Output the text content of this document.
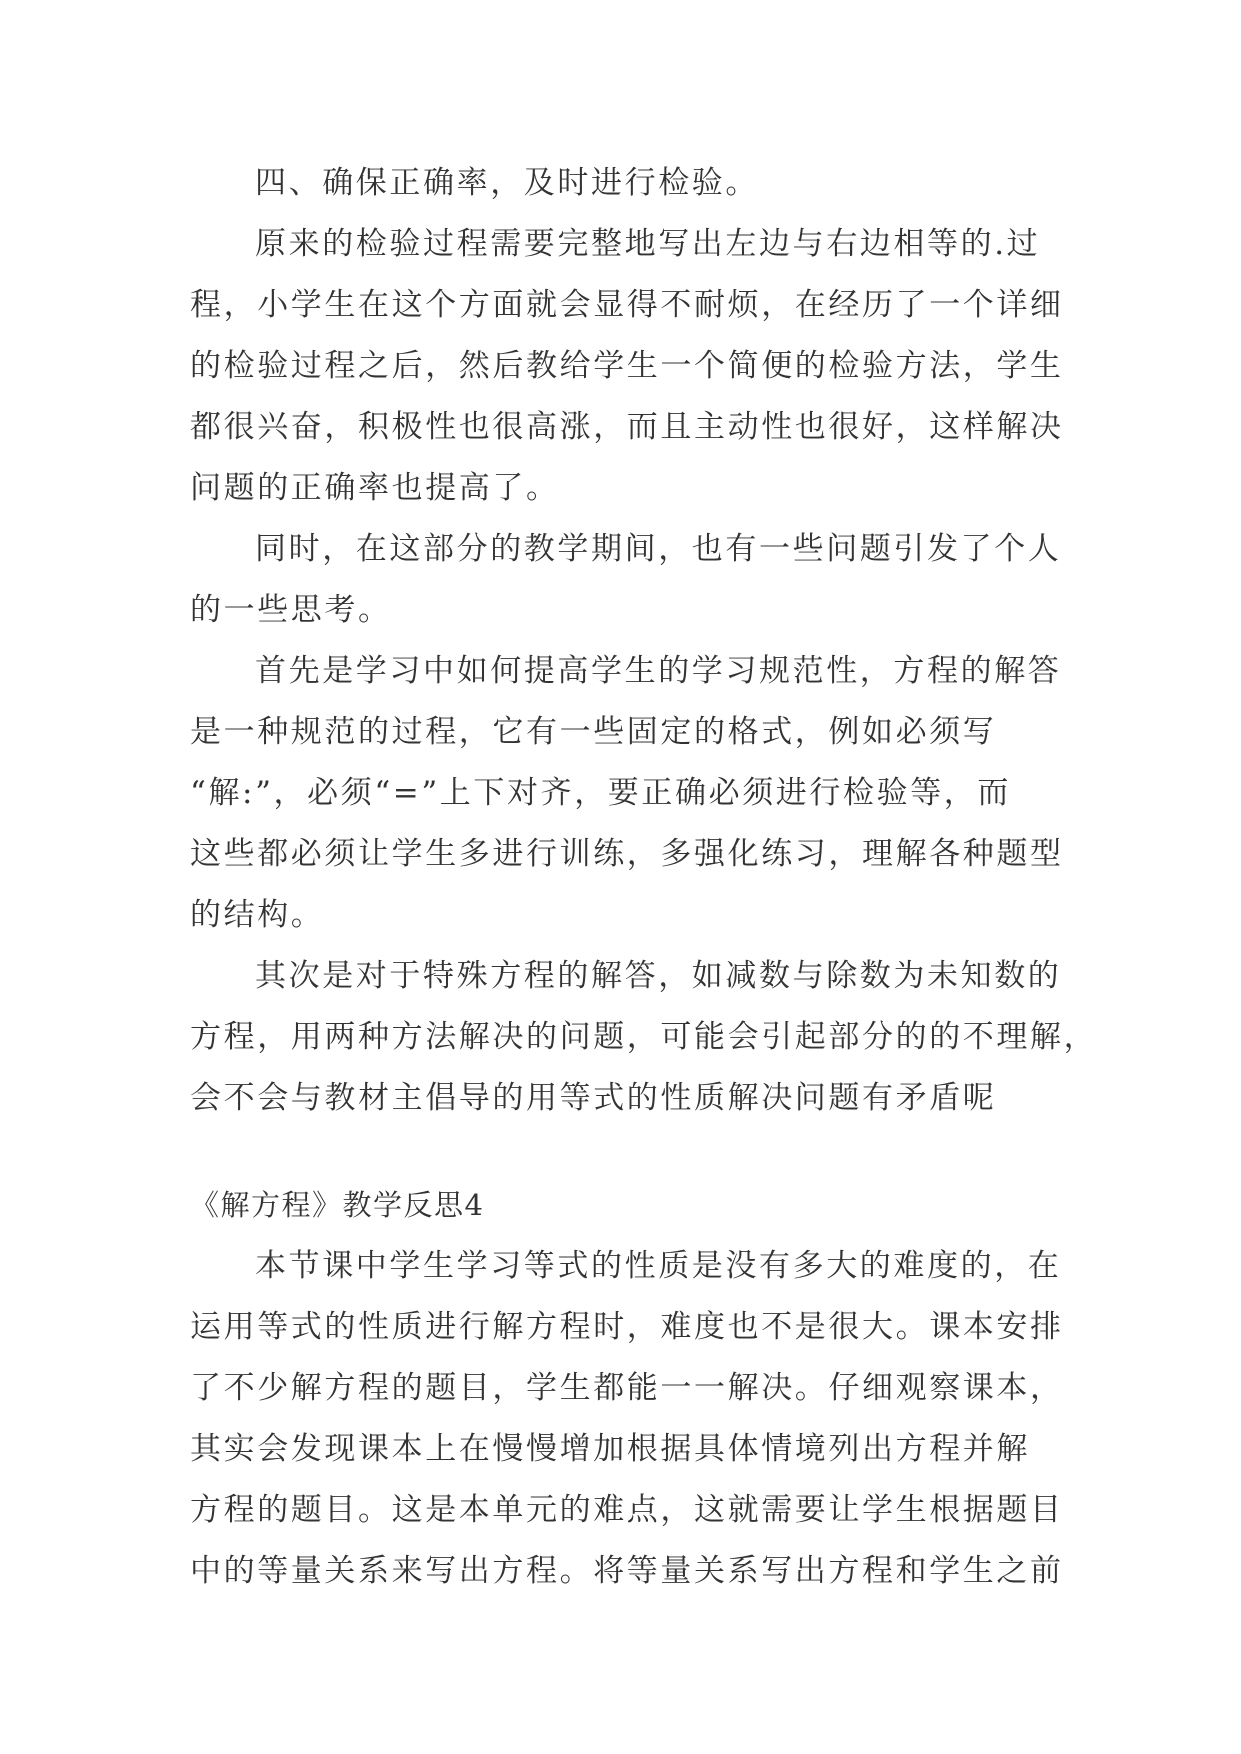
四、确保正确率，及时进行检验。
原来的检验过程需要完整地写出左边与右边相等的.过
程，小学生在这个方面就会显得不耐烦，在经历了一个详细
的检验过程之后，然后教给学生一个简便的检验方法，学生
都很兴奋，积极性也很高涨，而且主动性也很好，这样解决
问题的正确率也提高了。
同时，在这部分的教学期间，也有一些问题引发了个人
的一些思考。
首先是学习中如何提高学生的学习规范性，方程的解答
是一种规范的过程，它有一些固定的格式，例如必须写
“解:”，必须“=”上下对齐，要正确必须进行检验等，而
这些都必须让学生多进行训练，多强化练习，理解各种题型
的结构。
其次是对于特殊方程的解答，如减数与除数为未知数的
方程，用两种方法解决的问题，可能会引起部分的的不理解，
会不会与教材主倡导的用等式的性质解决问题有矛盾呢
《解方程》教学反思4
本节课中学生学习等式的性质是没有多大的难度的，在
运用等式的性质进行解方程时，难度也不是很大。课本安排
了不少解方程的题目，学生都能一一解决。仔细观察课本，
其实会发现课本上在慢慢增加根据具体情境列出方程并解
方程的题目。这是本单元的难点，这就需要让学生根据题目
中的等量关系来写出方程。将等量关系写出方程和学生之前
